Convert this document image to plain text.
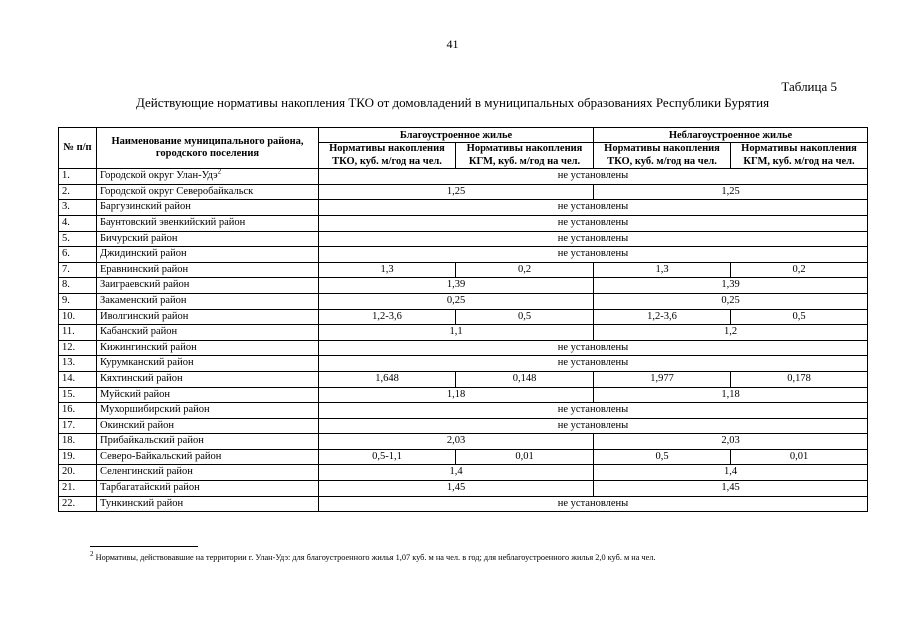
41
Таблица 5
Действующие нормативы накопления ТКО от домовладений в муниципальных образованиях Республики Бурятия
№ п/п	Наименование муниципального района, городского поселения	Благоустроенное жилье		Неблагоустроенное жилье	
		Нормативы накопления ТКО, куб. м/год на чел.	Нормативы накопления КГМ, куб. м/год на чел.	Нормативы накопления ТКО, куб. м/год на чел.	Нормативы накопления КГМ, куб. м/год на чел.
1.	Городской округ Улан-Удэ$^2$	не установлены			
2.	Городской округ Северобайкальск	1,25		1,25	
3.	Баргузинский район	не установлены			
4.	Баунтовский эвенкийский район	не установлены			
5.	Бичурский район	не установлены			
6.	Джидинский район	не установлены			
7.	Еравнинский район	1,3	0,2	1,3	0,2
8.	Заиграевский район	1,39		1,39	
9.	Закаменский район	0,25		0,25	
10.	Иволгинский район	1,2-3,6	0,5	1,2-3,6	0,5
11.	Кабанский район	1,1		1,2	
12.	Кижингинский район	не установлены			
13.	Курумканский район	не установлены			
14.	Кяхтинский район	1,648	0,148	1,977	0,178
15.	Муйский район	1,18		1,18	
16.	Мухоршибирский район	не установлены			
17.	Окинский район	не установлены			
18.	Прибайкальский район	2,03		2,03	
19.	Северо-Байкальский район	0,5-1,1	0,01	0,5	0,01
20.	Селенгинский район	1,4		1,4	
21.	Тарбагатайский район	1,45		1,45	
22.	Тункинский район	не установлены			
$^2$ Нормативы, действовавшие на территории г. Улан-Удэ: для благоустроенного жилья 1,07 куб. м на чел. в год; для неблагоустроенного жилья 2,0 куб. м на чел.
